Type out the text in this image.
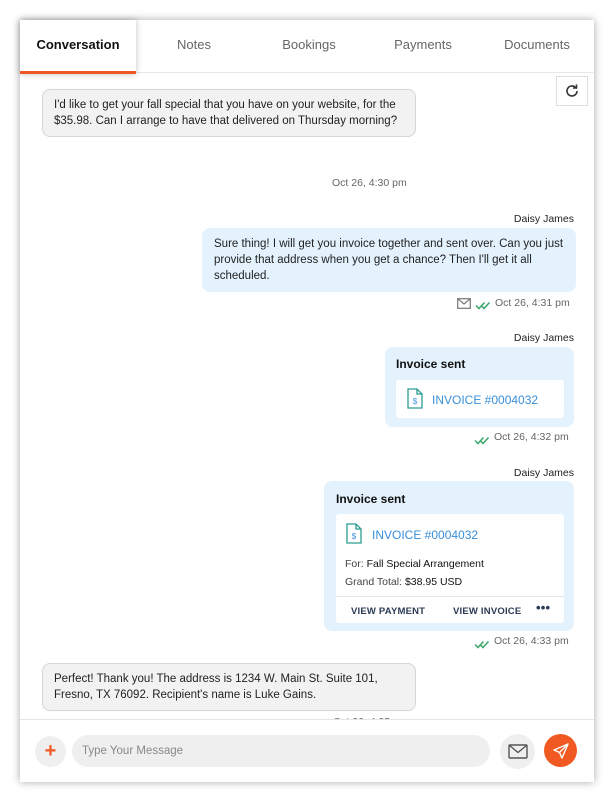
Conversation	Notes	Bookings	Payments	Documents
I'd like to get your fall special that you have on your website, for the $35.98. Can I arrange to have that delivered on Thursday morning?
Oct 26, 4:30 pm
Daisy James
Sure thing! I will get you invoice together and sent over. Can you just provide that address when you get a chance? Then I'll get it all scheduled.
Oct 26, 4:31 pm
Daisy James
Invoice sent
$ INVOICE #0004032
Oct 26, 4:32 pm
Daisy James
Invoice sent
$ INVOICE #0004032
For: Fall Special Arrangement
Grand Total: $38.95 USD
VIEW PAYMENT	VIEW INVOICE •••
Oct 26, 4:33 pm
Perfect! Thank you! The address is 1234 W. Main St. Suite 101, Fresno, TX 76092. Recipient's name is Luke Gains.
+
Type Your Message
